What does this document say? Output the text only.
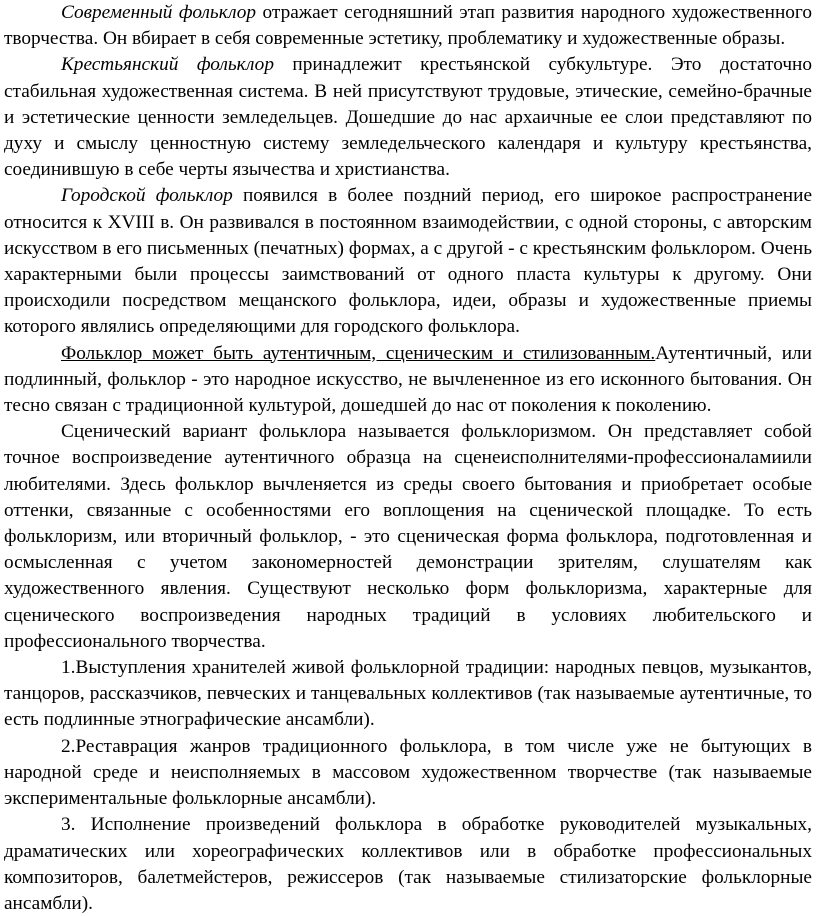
Современный фольклор отражает сегодняшний этап развития народного художественного творчества. Он вбирает в себя современные эстетику, проблематику и художественные образы.

Крестьянский фольклор принадлежит крестьянской субкультуре. Это достаточно стабильная художественная система. В ней присутствуют трудовые, этические, семейно-брачные и эстетические ценности земледельцев. Дошедшие до нас архаичные ее слои представляют по духу и смыслу ценностную систему земледельческого календаря и культуру крестьянства, соединившую в себе черты язычества и христианства.

Городской фольклор появился в более поздний период, его широкое распространение относится к XVIII в. Он развивался в постоянном взаимодействии, с одной стороны, с авторским искусством в его письменных (печатных) формах, а с другой - с крестьянским фольклором. Очень характерными были процессы заимствований от одного пласта культуры к другому. Они происходили посредством мещанского фольклора, идеи, образы и художественные приемы которого являлись определяющими для городского фольклора.

Фольклор может быть аутентичным, сценическим и стилизованным.Аутентичный, или подлинный, фольклор - это народное искусство, не вычлененное из его исконного бытования. Он тесно связан с традиционной культурой, дошедшей до нас от поколения к поколению.

Сценический вариант фольклора называется фольклоризмом. Он представляет собой точное воспроизведение аутентичного образца на сценеисполнителями-профессионаламиили любителями. Здесь фольклор вычленяется из среды своего бытования и приобретает особые оттенки, связанные с особенностями его воплощения на сценической площадке. То есть фольклоризм, или вторичный фольклор, - это сценическая форма фольклора, подготовленная и осмысленная с учетом закономерностей демонстрации зрителям, слушателям как художественного явления. Существуют несколько форм фольклоризма, характерные для сценического воспроизведения народных традиций в условиях любительского и профессионального творчества.

1.Выступления хранителей живой фольклорной традиции: народных певцов, музыкантов, танцоров, рассказчиков, певческих и танцевальных коллективов (так называемые аутентичные, то есть подлинные этнографические ансамбли).

2.Реставрация жанров традиционного фольклора, в том числе уже не бытующих в народной среде и неисполняемых в массовом художественном творчестве (так называемые экспериментальные фольклорные ансамбли).

3. Исполнение произведений фольклора в обработке руководителей музыкальных, драматических или хореографических коллективов или в обработке профессиональных композиторов, балетмейстеров, режиссеров (так называемые стилизаторские фольклорные ансамбли).
